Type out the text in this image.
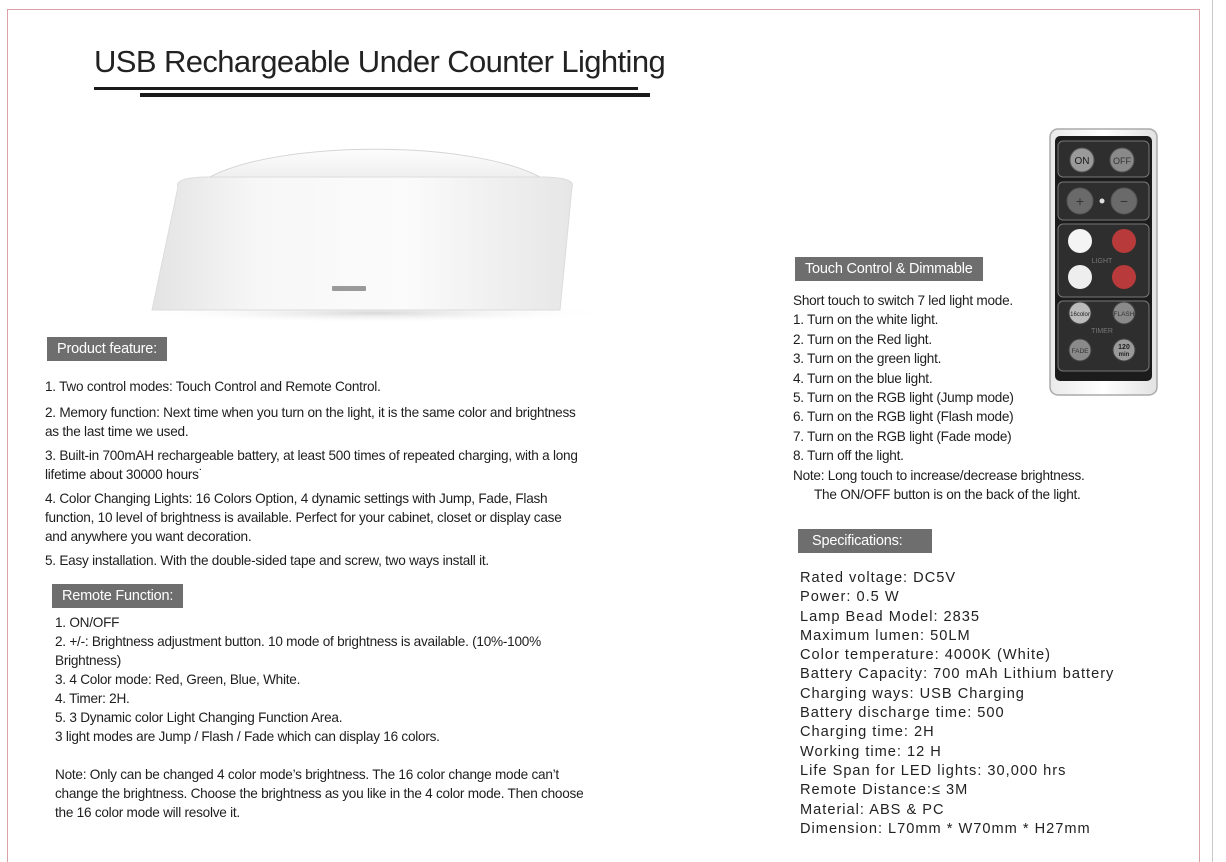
USB Rechargeable Under Counter Lighting
ON	OFF
+	−
LIGHT
16color	FLASH
TIMER
FADE
120
min
Product feature:

1. Two control modes: Touch Control and Remote Control.

2. Memory function: Next time when you turn on the light, it is the same color and brightness as the last time we used.

3. Built-in 700mAH rechargeable battery, at least 500 times of repeated charging, with a long lifetime about 30000 hours˙

4. Color Changing Lights: 16 Colors Option, 4 dynamic settings with Jump, Fade, Flash function, 10 level of brightness is available. Perfect for your cabinet, closet or display case and anywhere you want decoration.

5. Easy installation. With the double-sided tape and screw, two ways install it.

Remote Function:

1. ON/OFF

2. +/-: Brightness adjustment button. 10 mode of brightness is available. (10%-100% Brightness)

3. 4 Color mode: Red, Green, Blue, White.

4. Timer: 2H.

5. 3 Dynamic color Light Changing Function Area.

3 light modes are Jump / Flash / Fade which can display 16 colors.

Note: Only can be changed 4 color mode’s brightness. The 16 color change mode can’t change the brightness. Choose the brightness as you like in the 4 color mode. Then choose the 16 color mode will resolve it.

Touch Control & Dimmable
Short touch to switch 7 led light mode.
1. Turn on the white light.
2. Turn on the Red light.
3. Turn on the green light.
4. Turn on the blue light.
5. Turn on the RGB light (Jump mode)
6. Turn on the RGB light (Flash mode)
7. Turn on the RGB light (Fade mode)
8. Turn off the light.
Note: Long touch to increase/decrease brightness.
The ON/OFF button is on the back of the light.
Specifications:
Rated voltage: DC5V
Power: 0.5 W
Lamp Bead Model: 2835
Maximum lumen: 50LM
Color temperature: 4000K (White)
Battery Capacity: 700 mAh Lithium battery
Charging ways: USB Charging
Battery discharge time: 500
Charging time: 2H
Working time: 12 H
Life Span for LED lights: 30,000 hrs
Remote Distance:≤ 3M
Material: ABS & PC
Dimension: L70mm * W70mm * H27mm
